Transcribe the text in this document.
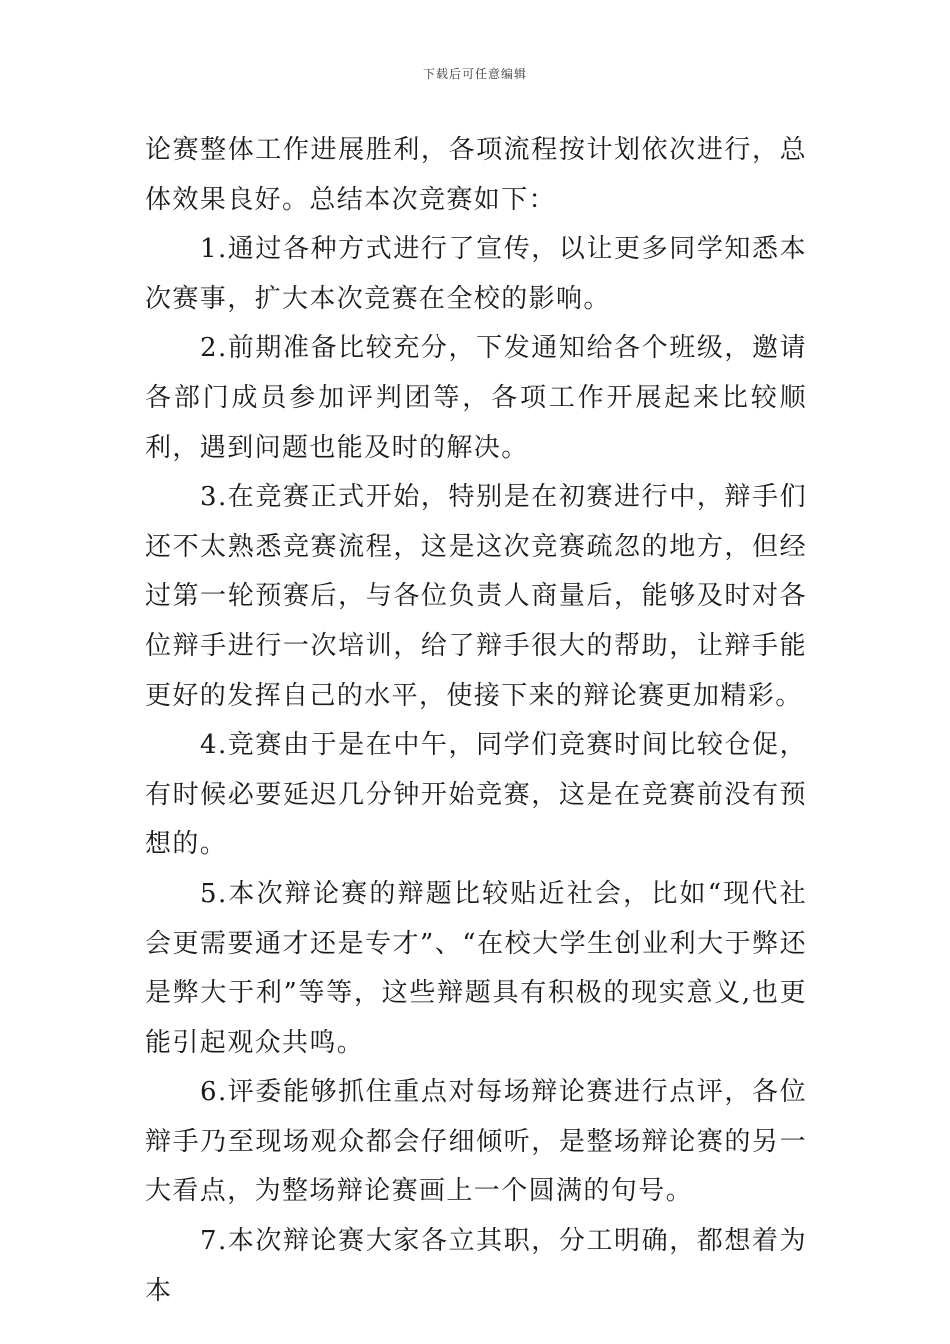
下载后可任意编辑

论赛整体工作进展胜利，各项流程按计划依次进行，总体效果良好。总结本次竞赛如下：

1.通过各种方式进行了宣传，以让更多同学知悉本次赛事，扩大本次竞赛在全校的影响。

2.前期准备比较充分，下发通知给各个班级，邀请各部门成员参加评判团等，各项工作开展起来比较顺利，遇到问题也能及时的解决。

3.在竞赛正式开始，特别是在初赛进行中，辩手们还不太熟悉竞赛流程，这是这次竞赛疏忽的地方，但经过第一轮预赛后，与各位负责人商量后，能够及时对各位辩手进行一次培训，给了辩手很大的帮助，让辩手能更好的发挥自己的水平，使接下来的辩论赛更加精彩。

4.竞赛由于是在中午，同学们竞赛时间比较仓促，有时候必要延迟几分钟开始竞赛，这是在竞赛前没有预想的。

5.本次辩论赛的辩题比较贴近社会，比如“现代社会更需要通才还是专才”、“在校大学生创业利大于弊还是弊大于利”等等，这些辩题具有积极的现实意义,也更能引起观众共鸣。

6.评委能够抓住重点对每场辩论赛进行点评，各位辩手乃至现场观众都会仔细倾听，是整场辩论赛的另一大看点，为整场辩论赛画上一个圆满的句号。

7.本次辩论赛大家各立其职，分工明确，都想着为本
